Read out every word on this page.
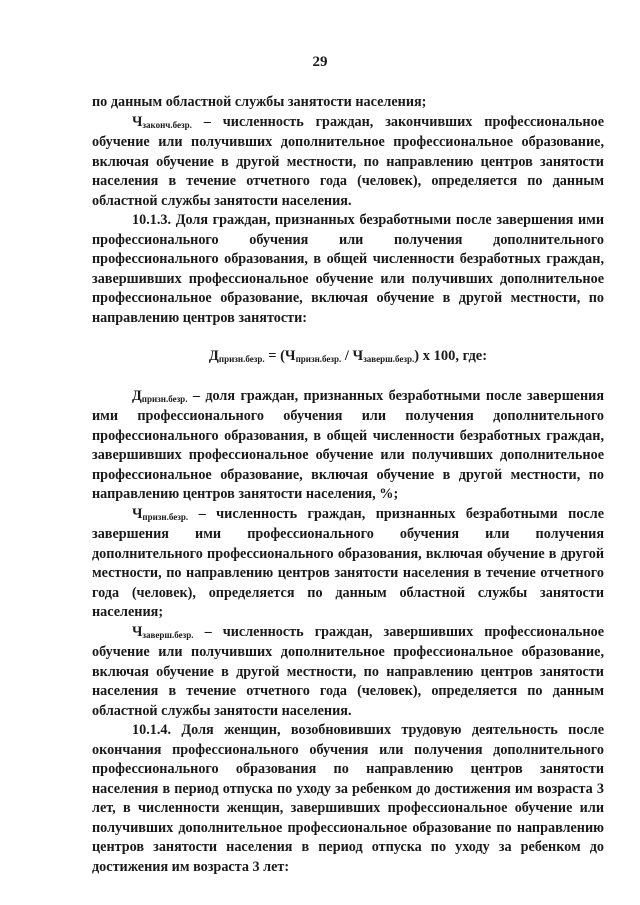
29

по данным областной службы занятости населения;

Чзаконч.безр. – численность граждан, закончивших профессиональное обучение или получивших дополнительное профессиональное образование, включая обучение в другой местности, по направлению центров занятости населения в течение отчетного года (человек), определяется по данным областной службы занятости населения.

10.1.3. Доля граждан, признанных безработными после завершения ими профессионального обучения или получения дополнительного профессионального образования, в общей численности безработных граждан, завершивших профессиональное обучение или получивших дополнительное профессиональное образование, включая обучение в другой местности, по направлению центров занятости:

Дпризн.безр. = (Чпризн.безр. / Чзаверш.безр.) х 100, где:

Дпризн.безр. – доля граждан, признанных безработными после завершения ими профессионального обучения или получения дополнительного профессионального образования, в общей численности безработных граждан, завершивших профессиональное обучение или получивших дополнительное профессиональное образование, включая обучение в другой местности, по направлению центров занятости населения, %;

Чпризн.безр. – численность граждан, признанных безработными после завершения ими профессионального обучения или получения дополнительного профессионального образования, включая обучение в другой местности, по направлению центров занятости населения в течение отчетного года (человек), определяется по данным областной службы занятости населения;

Чзаверш.безр. – численность граждан, завершивших профессиональное обучение или получивших дополнительное профессиональное образование, включая обучение в другой местности, по направлению центров занятости населения в течение отчетного года (человек), определяется по данным областной службы занятости населения.

10.1.4. Доля женщин, возобновивших трудовую деятельность после окончания профессионального обучения или получения дополнительного профессионального образования по направлению центров занятости населения в период отпуска по уходу за ребенком до достижения им возраста 3 лет, в численности женщин, завершивших профессиональное обучение или получивших дополнительное профессиональное образование по направлению центров занятости населения в период отпуска по уходу за ребенком до достижения им возраста 3 лет:
